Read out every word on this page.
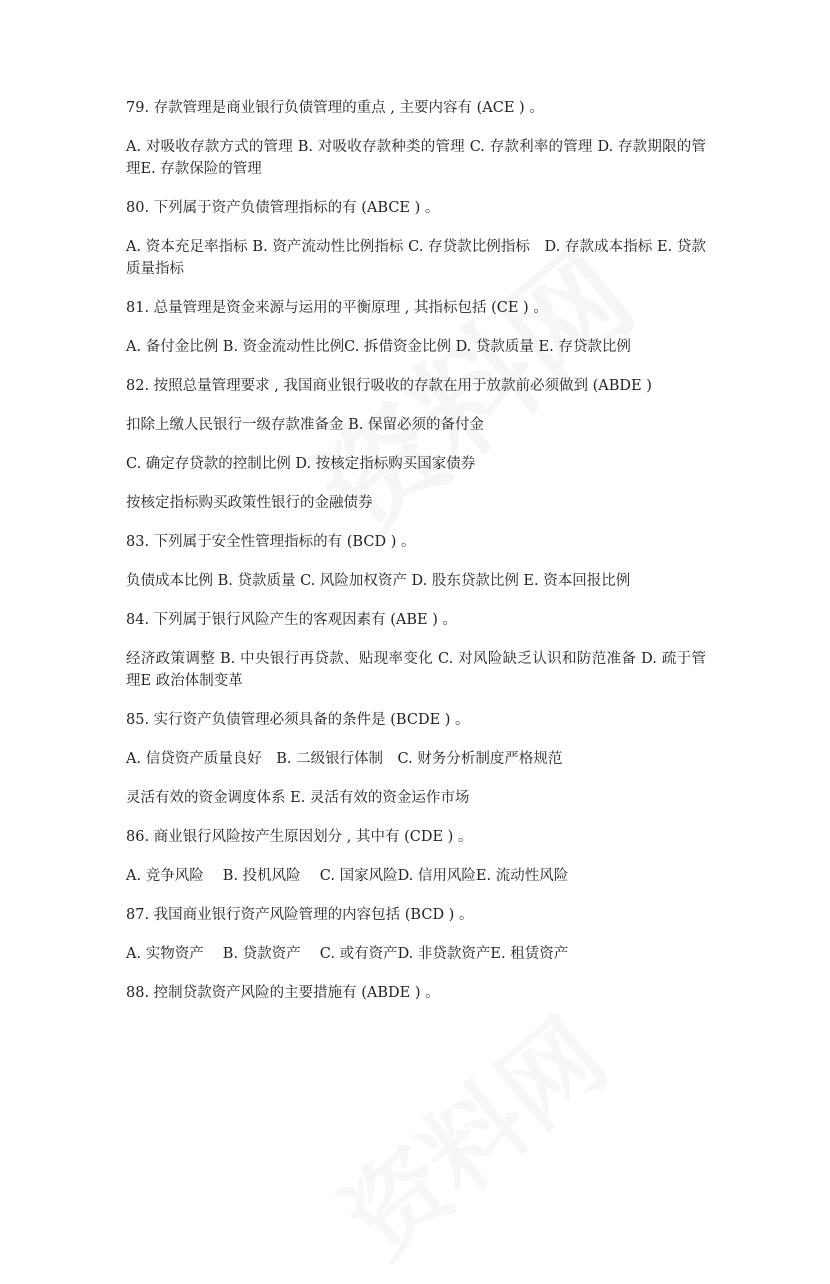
79. 存款管理是商业银行负债管理的重点 , 主要内容有 (ACE ) 。

A. 对吸收存款方式的管理 B. 对吸收存款种类的管理 C. 存款利率的管理 D. 存款期限的管理E. 存款保险的管理

80. 下列属于资产负债管理指标的有 (ABCE ) 。

A. 资本充足率指标 B. 资产流动性比例指标 C. 存贷款比例指标　D. 存款成本指标 E. 贷款质量指标

81. 总量管理是资金来源与运用的平衡原理 , 其指标包括 (CE ) 。

A. 备付金比例 B. 资金流动性比例C. 拆借资金比例 D. 贷款质量 E. 存贷款比例

82. 按照总量管理要求 , 我国商业银行吸收的存款在用于放款前必须做到 (ABDE )

扣除上缴人民银行一级存款准备金 B. 保留必须的备付金

C. 确定存贷款的控制比例 D. 按核定指标购买国家债券

按核定指标购买政策性银行的金融债券

83. 下列属于安全性管理指标的有 (BCD ) 。

负债成本比例 B. 贷款质量 C. 风险加权资产 D. 股东贷款比例 E. 资本回报比例

84. 下列属于银行风险产生的客观因素有 (ABE ) 。

经济政策调整 B. 中央银行再贷款、贴现率变化 C. 对风险缺乏认识和防范准备 D. 疏于管理E 政治体制变革

85. 实行资产负债管理必须具备的条件是 (BCDE ) 。

A. 信贷资产质量良好　B. 二级银行体制　C. 财务分析制度严格规范

灵活有效的资金调度体系 E. 灵活有效的资金运作市场

86. 商业银行风险按产生原因划分 , 其中有 (CDE ) 。

A. 竞争风险　 B. 投机风险　 C. 国家风险D. 信用风险E. 流动性风险

87. 我国商业银行资产风险管理的内容包括 (BCD ) 。

A. 实物资产　 B. 贷款资产　 C. 或有资产D. 非贷款资产E. 租赁资产

88. 控制贷款资产风险的主要措施有 (ABDE ) 。
